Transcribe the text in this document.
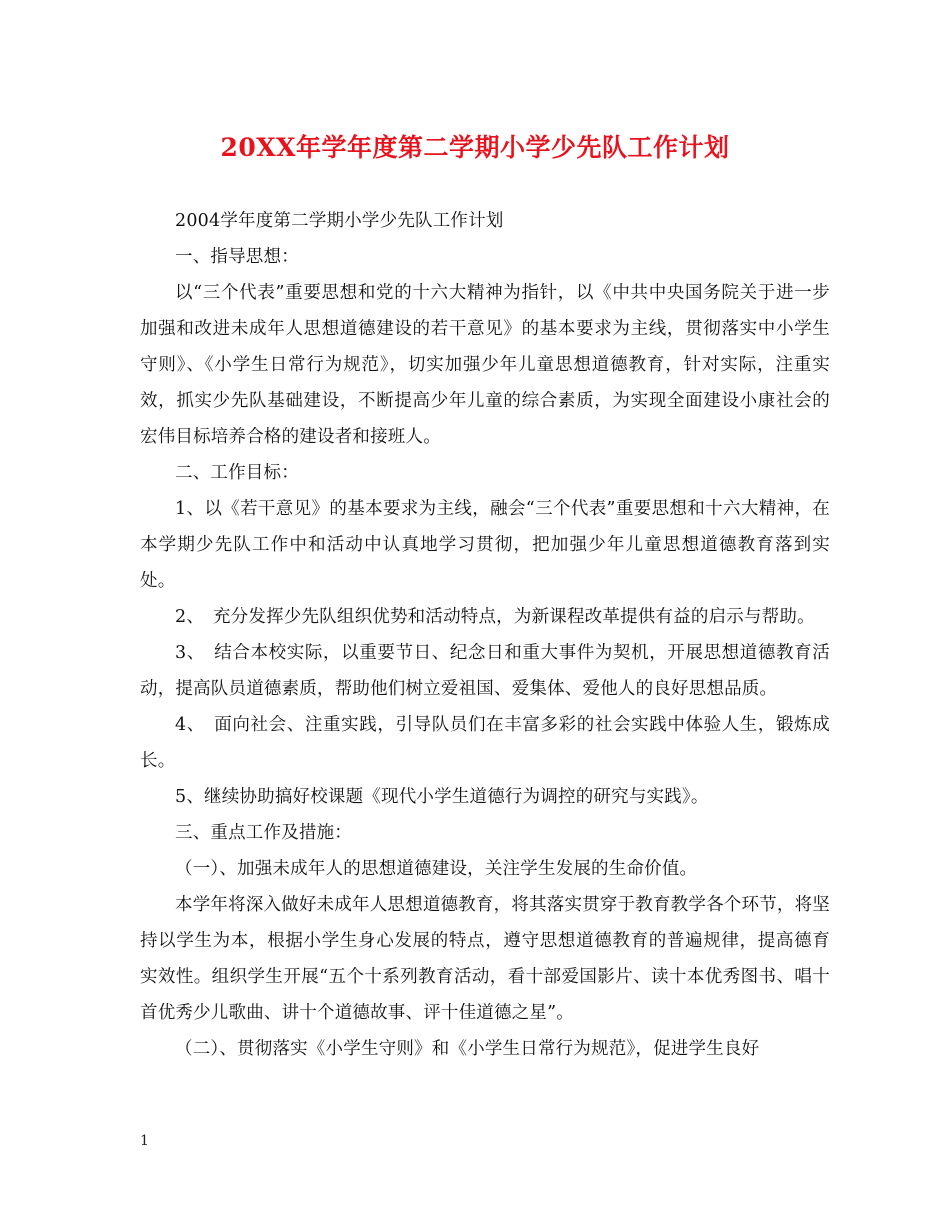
20XX年学年度第二学期小学少先队工作计划

2004学年度第二学期小学少先队工作计划

一、指导思想：

以“三个代表”重要思想和党的十六大精神为指针，以《中共中央国务院关于进一步加强和改进未成年人思想道德建设的若干意见》的基本要求为主线，贯彻落实中小学生守则》、《小学生日常行为规范》，切实加强少年儿童思想道德教育，针对实际，注重实效，抓实少先队基础建设，不断提高少年儿童的综合素质，为实现全面建设小康社会的宏伟目标培养合格的建设者和接班人。

二、工作目标：

1、以《若干意见》的基本要求为主线，融会“三个代表”重要思想和十六大精神，在本学期少先队工作中和活动中认真地学习贯彻，把加强少年儿童思想道德教育落到实处。

2、　充分发挥少先队组织优势和活动特点，为新课程改革提供有益的启示与帮助。

3、　结合本校实际，以重要节日、纪念日和重大事件为契机，开展思想道德教育活动，提高队员道德素质，帮助他们树立爱祖国、爱集体、爱他人的良好思想品质。

4、　面向社会、注重实践，引导队员们在丰富多彩的社会实践中体验人生，锻炼成长。

5、继续协助搞好校课题《现代小学生道德行为调控的研究与实践》。

三、重点工作及措施：

（一）、加强未成年人的思想道德建设，关注学生发展的生命价值。

本学年将深入做好未成年人思想道德教育，将其落实贯穿于教育教学各个环节，将坚持以学生为本，根据小学生身心发展的特点，遵守思想道德教育的普遍规律，提高德育实效性。组织学生开展“五个十系列教育活动，看十部爱国影片、读十本优秀图书、唱十首优秀少儿歌曲、讲十个道德故事、评十佳道德之星”。

（二）、贯彻落实《小学生守则》和《小学生日常行为规范》，促进学生良好

1
